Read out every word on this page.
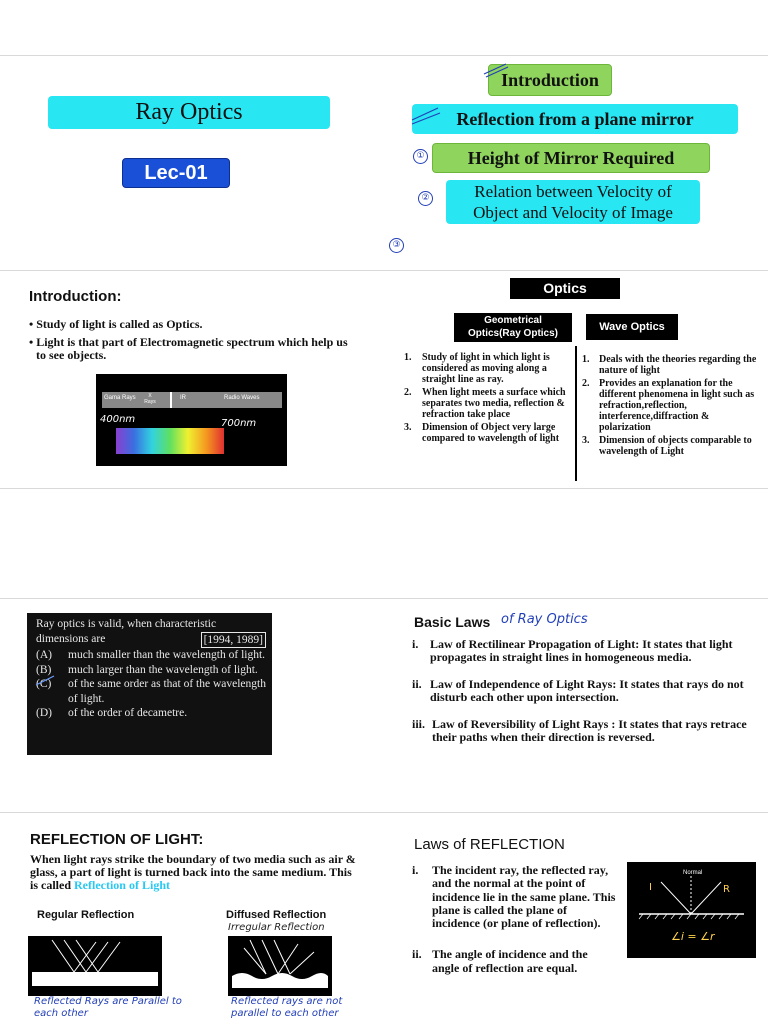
Ray Optics
Lec-01
Introduction
Reflection from a plane mirror
Height of Mirror Required
①
Relation between Velocity of
Object and Velocity of Image
②
③
Introduction:
• Study of light is called as Optics.
• Light is that part of Electromagnetic spectrum which help us to see objects.
Gama Rays	X Rays
IR	Radio Waves
400nm	700nm
Optics
Geometrical
Optics(Ray Optics)
Wave Optics
1.	Study of light in which light is considered as moving along a straight line as ray.
2.	When light meets a surface which separates two media, reflection & refraction take place
3.	Dimension of Object very large compared to wavelength of light
1. Deals with the theories regarding the nature of light
2. Provides an explanation for the different phenomena in light such as refraction,reflection, interference,diffraction & polarization
3. Dimension of objects comparable to wavelength of Light
Ray optics is valid, when characteristic
dimensions are	[1994, 1989]
(A)	much smaller than the wavelength of light.
(B)	much larger than the wavelength of light.
(C)	of the same order as that of the wavelength of light.
(D)	of the order of decametre.
Basic Laws of Ray Optics
i. Law of Rectilinear Propagation of Light: It states that light propagates in straight lines in homogeneous media.
ii. Law of Independence of Light Rays: It states that rays do not disturb each other upon intersection.
iii. Law of Reversibility of Light Rays : It states that rays retrace their paths when their direction is reversed.
REFLECTION OF LIGHT:
When light rays strike the boundary of two media such as air & glass, a part of light is turned back into the same medium. This is called Reflection of Light
Regular Reflection	Diffused Reflection
Irregular Reflection
Reflected Rays are Parallel to each other
Reflected rays are not parallel to each other
Laws of REFLECTION
i.	The incident ray, the reflected ray, and the normal at the point of incidence lie in the same plane. This plane is called the plane of incidence (or plane of reflection).
ii. The angle of incidence and the angle of reflection are equal.
Normal
I	R
∠i = ∠r
